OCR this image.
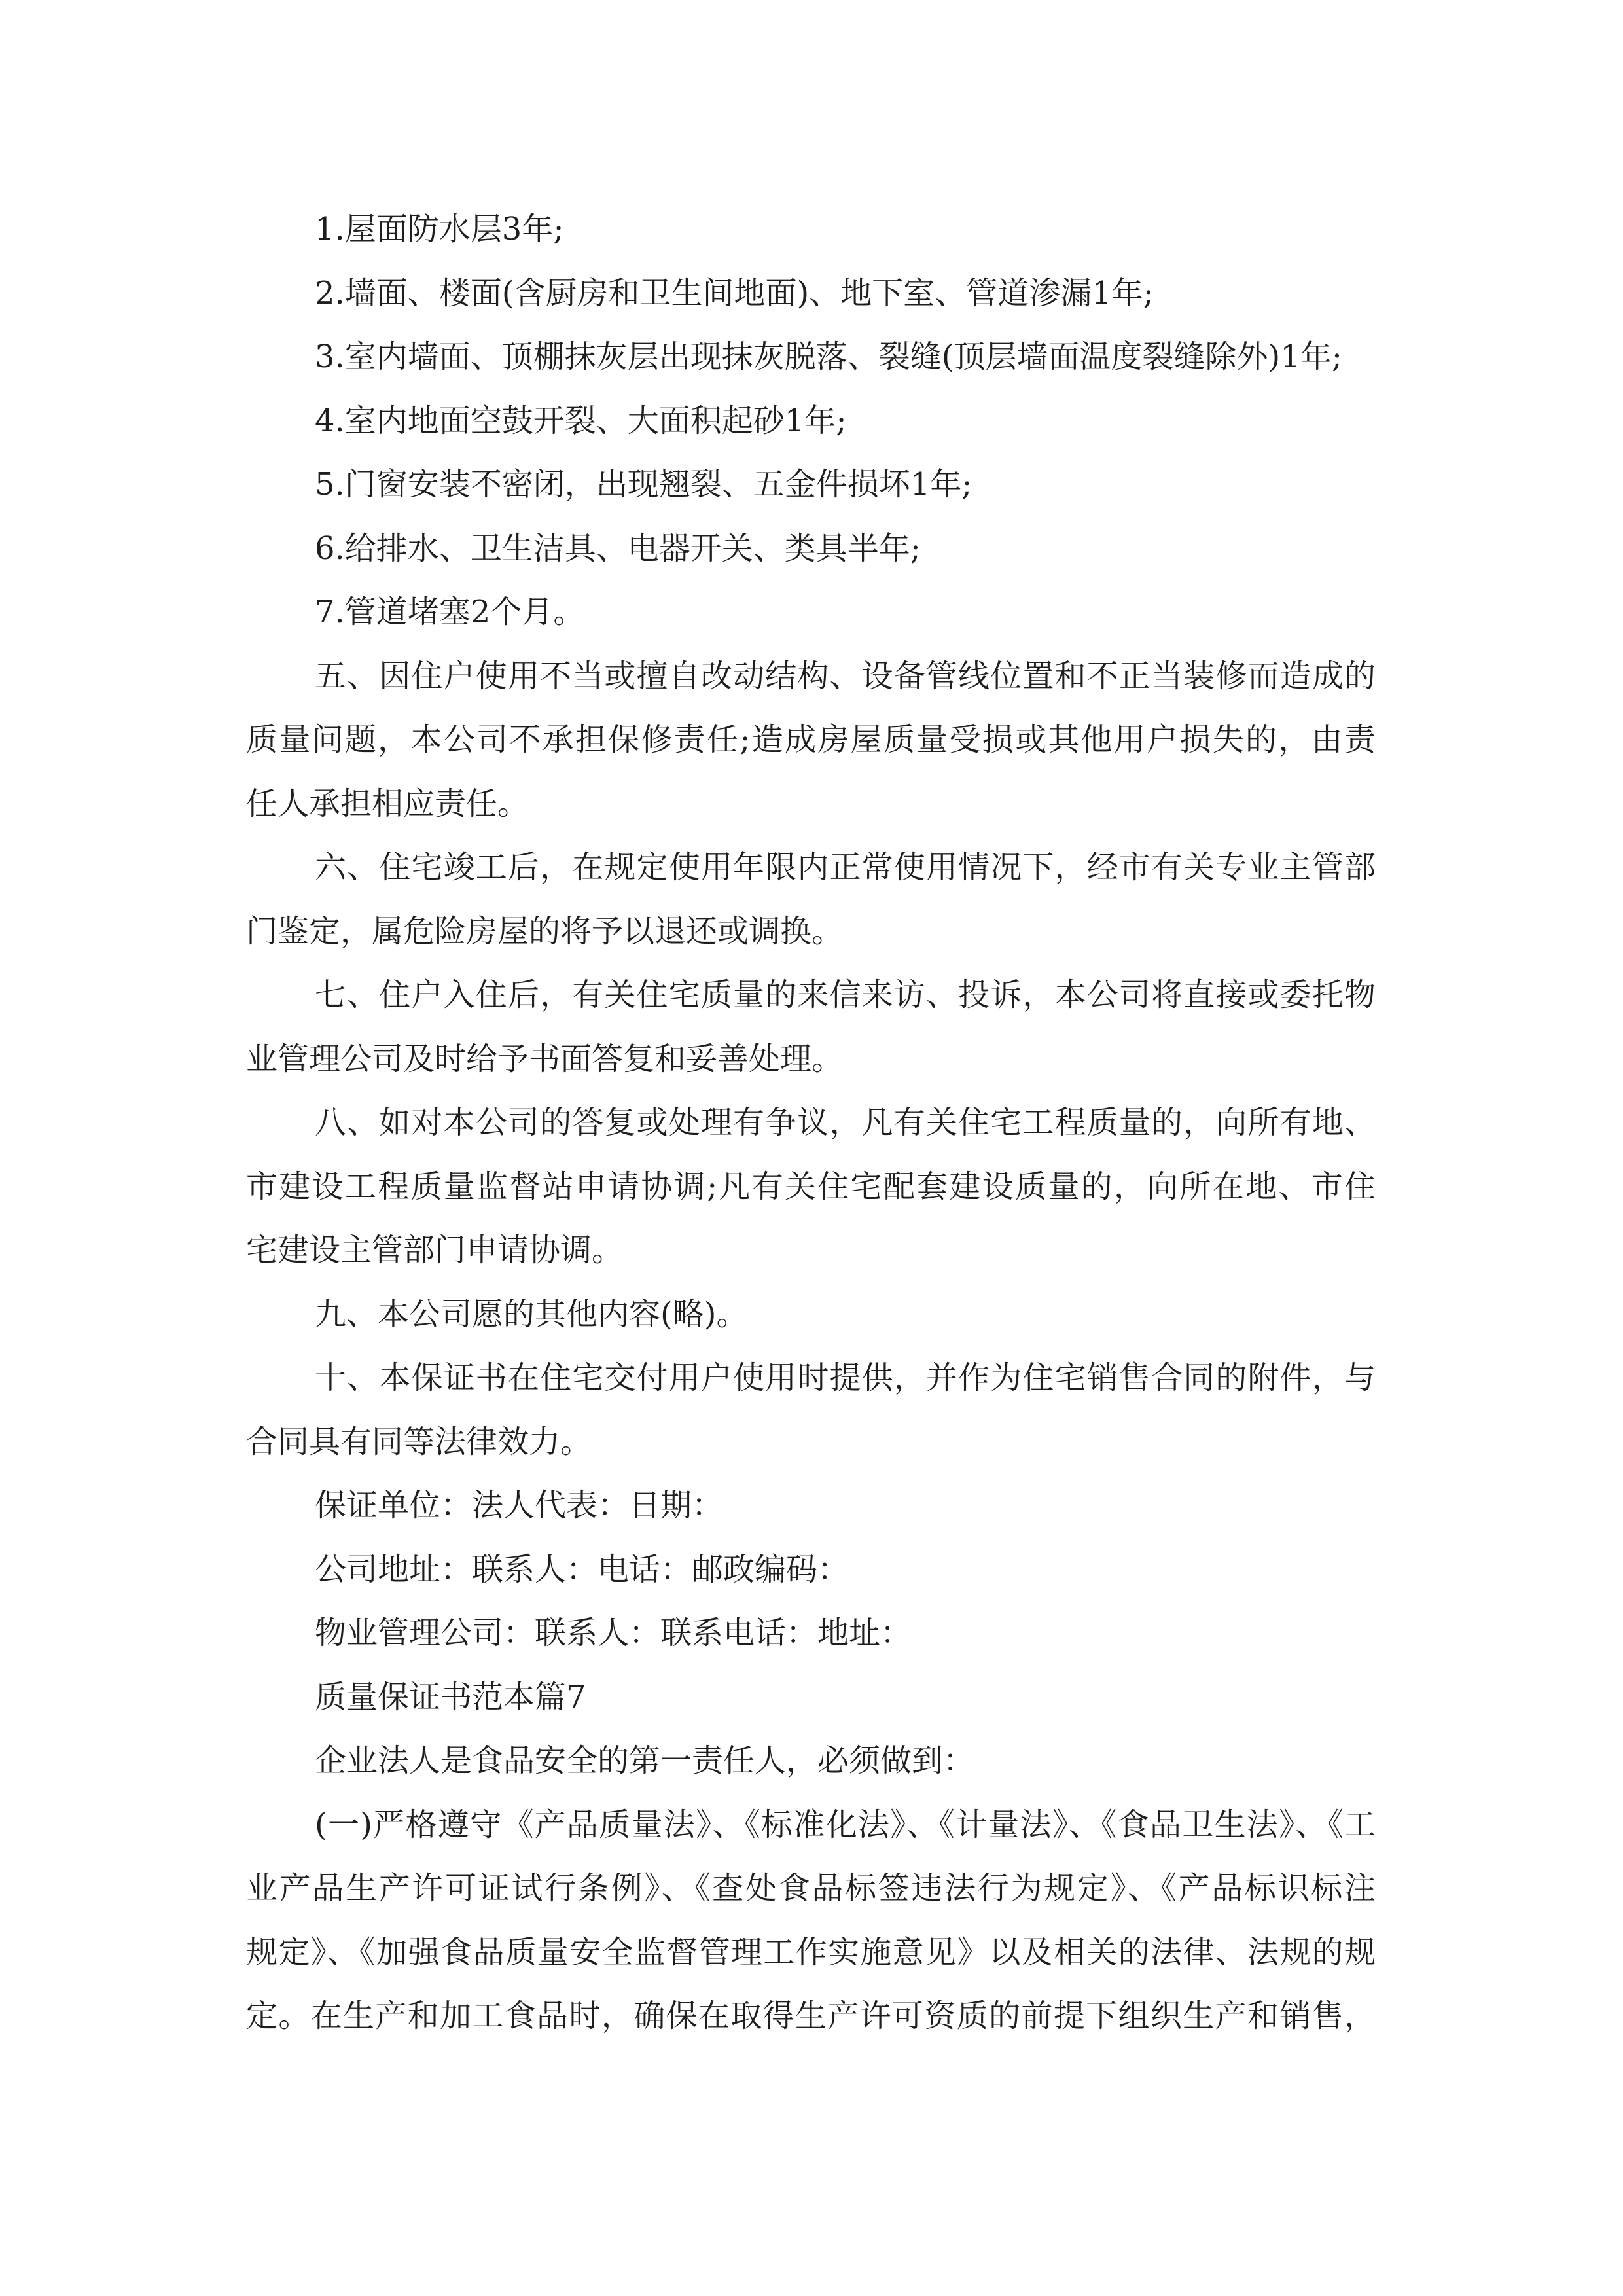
1.屋面防水层3年;
2.墙面、楼面(含厨房和卫生间地面)、地下室、管道渗漏1年;
3.室内墙面、顶棚抹灰层出现抹灰脱落、裂缝(顶层墙面温度裂缝除外)1年;
4.室内地面空鼓开裂、大面积起砂1年;
5.门窗安装不密闭，出现翘裂、五金件损坏1年;
6.给排水、卫生洁具、电器开关、类具半年;
7.管道堵塞2个月。
五、因住户使用不当或擅自改动结构、设备管线位置和不正当装修而造成的
质量问题，本公司不承担保修责任;造成房屋质量受损或其他用户损失的，由责
任人承担相应责任。
六、住宅竣工后，在规定使用年限内正常使用情况下，经市有关专业主管部
门鉴定，属危险房屋的将予以退还或调换。
七、住户入住后，有关住宅质量的来信来访、投诉，本公司将直接或委托物
业管理公司及时给予书面答复和妥善处理。
八、如对本公司的答复或处理有争议，凡有关住宅工程质量的，向所有地、
市建设工程质量监督站申请协调;凡有关住宅配套建设质量的，向所在地、市住
宅建设主管部门申请协调。
九、本公司愿的其他内容(略)。
十、本保证书在住宅交付用户使用时提供，并作为住宅销售合同的附件，与
合同具有同等法律效力。
保证单位：法人代表：日期：
公司地址：联系人：电话：邮政编码：
物业管理公司：联系人：联系电话：地址：
质量保证书范本篇7
企业法人是食品安全的第一责任人，必须做到：
(一)严格遵守《产品质量法》、《标准化法》、《计量法》、《食品卫生法》、《工
业产品生产许可证试行条例》、《查处食品标签违法行为规定》、《产品标识标注
规定》、《加强食品质量安全监督管理工作实施意见》以及相关的法律、法规的规
定。在生产和加工食品时，确保在取得生产许可资质的前提下组织生产和销售，
